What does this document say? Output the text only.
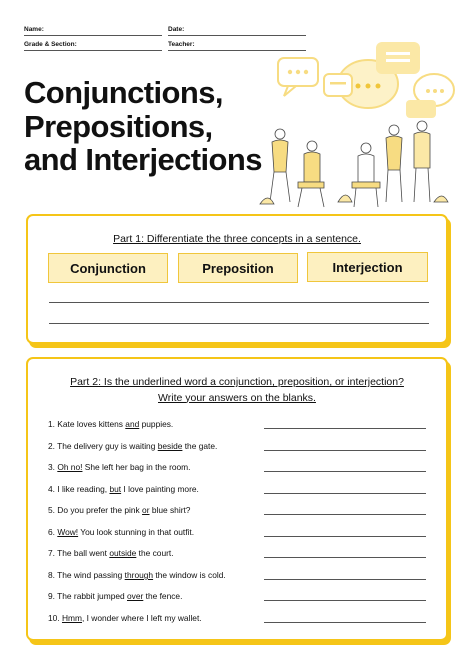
Name:	Date:
Grade & Section:	Teacher:
Conjunctions,
Prepositions,
and Interjections
Part 1: Differentiate the three concepts in a sentence.
Conjunction	Preposition	Interjection
Part 2: Is the underlined word a conjunction, preposition, or interjection?
Write your answers on the blanks.
1. Kate loves kittens and puppies.
2. The delivery guy is waiting beside the gate.
3. Oh no! She left her bag in the room.
4. I like reading, but I love painting more.
5. Do you prefer the pink or blue shirt?
6. Wow! You look stunning in that outfit.
7. The ball went outside the court.
8. The wind passing through the window is cold.
9. The rabbit jumped over the fence.
10. Hmm, I wonder where I left my wallet.
